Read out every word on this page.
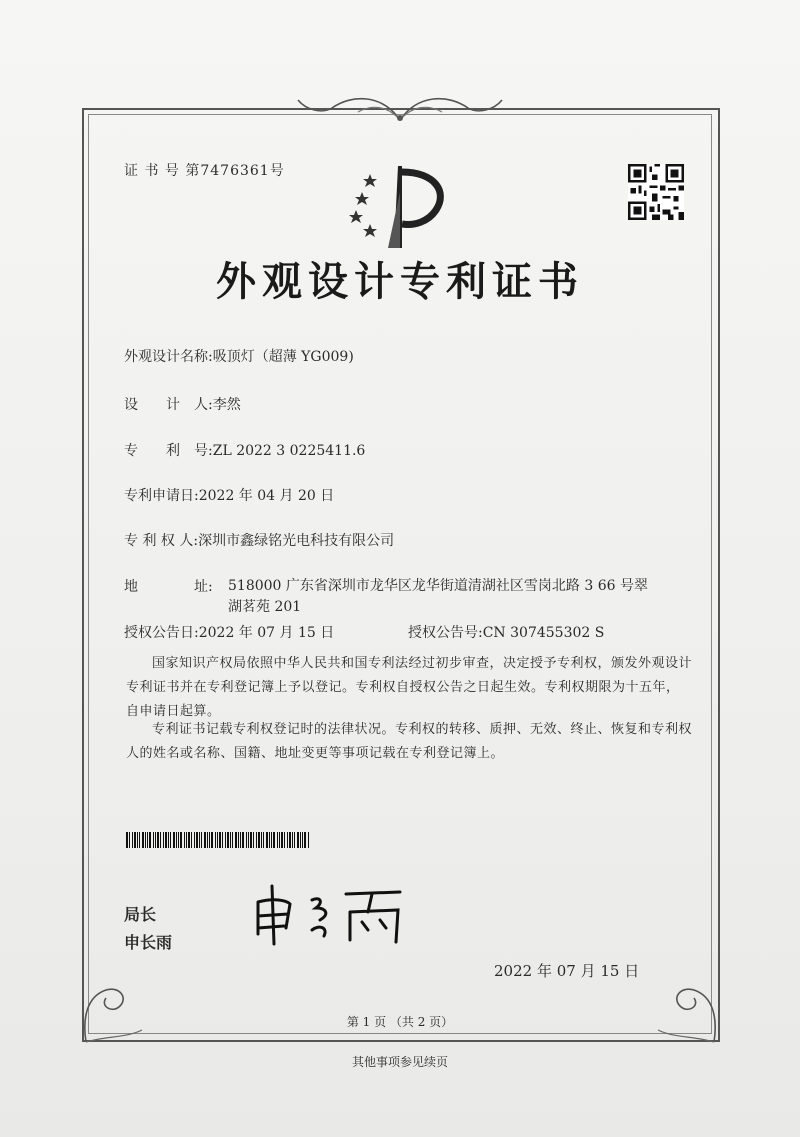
证 书 号 第7476361号
外观设计专利证书
外观设计名称:吸顶灯（超薄 YG009)
设　　计　人:李然
专　　利　号:ZL 2022 3 0225411.6
专利申请日:2022 年 04 月 20 日
专 利 权 人:深圳市鑫绿铭光电科技有限公司
地　　　　址: 518000 广东省深圳市龙华区龙华街道清湖社区雪岗北路 3 66 号翠湖茗苑 201
授权公告日:2022 年 07 月 15 日	授权公告号:CN 307455302 S
国家知识产权局依照中华人民共和国专利法经过初步审查，决定授予专利权，颁发外观设计专利证书并在专利登记簿上予以登记。专利权自授权公告之日起生效。专利权期限为十五年，自申请日起算。
专利证书记载专利权登记时的法律状况。专利权的转移、质押、无效、终止、恢复和专利权人的姓名或名称、国籍、地址变更等事项记载在专利登记簿上。
局长
申长雨
2022 年 07 月 15 日
第 1 页 （共 2 页）
其他事项参见续页
